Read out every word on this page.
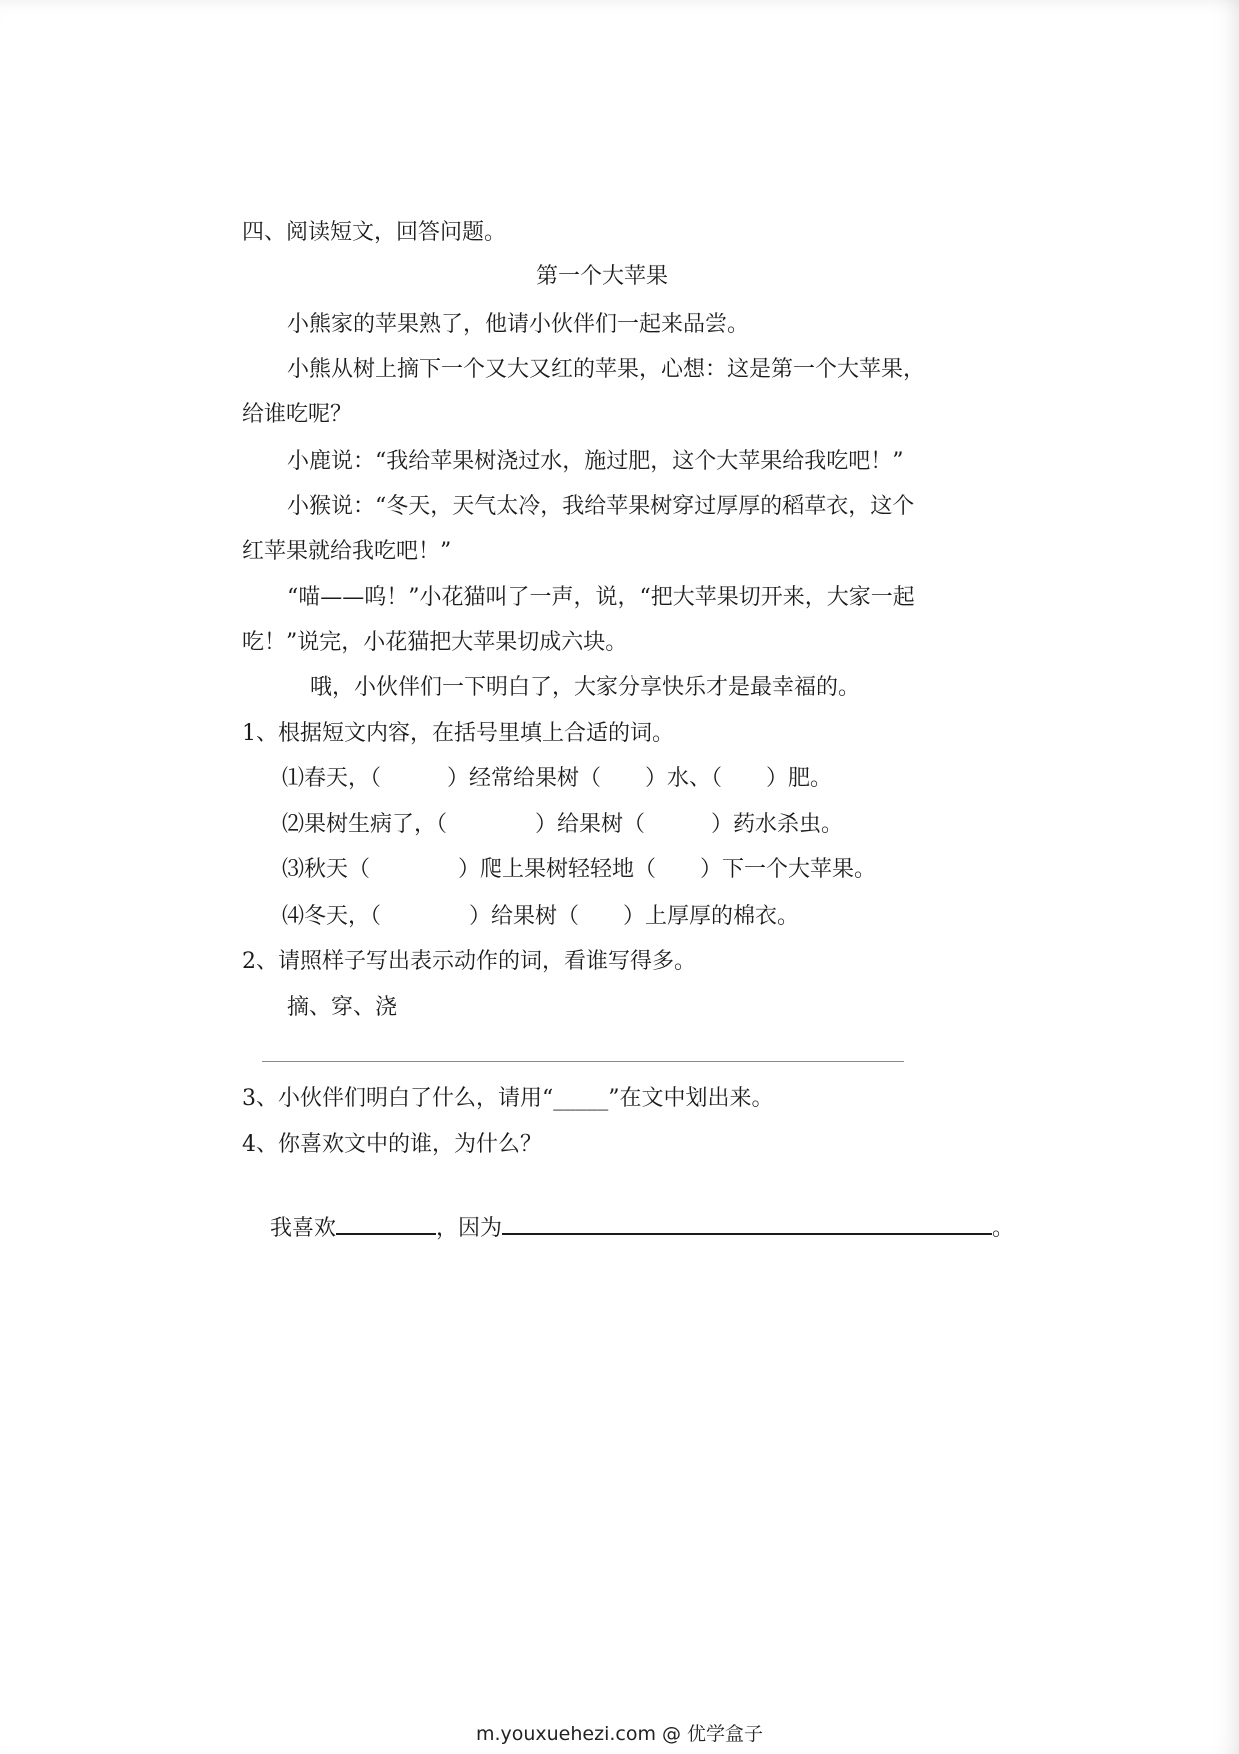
四、阅读短文，回答问题。
第一个大苹果
小熊家的苹果熟了，他请小伙伴们一起来品尝。
小熊从树上摘下一个又大又红的苹果，心想：这是第一个大苹果，
给谁吃呢？
小鹿说：“我给苹果树浇过水，施过肥，这个大苹果给我吃吧！”
小猴说：“冬天，天气太冷，我给苹果树穿过厚厚的稻草衣，这个
红苹果就给我吃吧！”
“喵——呜！”小花猫叫了一声，说，“把大苹果切开来，大家一起
吃！”说完，小花猫把大苹果切成六块。
哦，小伙伴们一下明白了，大家分享快乐才是最幸福的。
1、根据短文内容，在括号里填上合适的词。
⑴春天，（　　　）经常给果树（　　）水、（　　）肥。
⑵果树生病了，（　　　　）给果树（　　　）药水杀虫。
⑶秋天（　　　　）爬上果树轻轻地（　　）下一个大苹果。
⑷冬天，（　　　　）给果树（　　）上厚厚的棉衣。
2、请照样子写出表示动作的词，看谁写得多。
摘、穿、浇
3、小伙伴们明白了什么，请用“_____”在文中划出来。
4、你喜欢文中的谁，为什么？

我喜欢	，因为	。

m.youxuehezi.com @ 优学盒子
